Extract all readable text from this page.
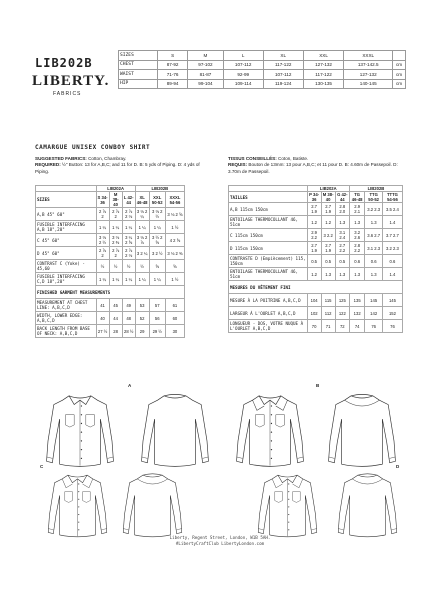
LIB202B
LIBERTY.
FABRICS
SIZES	S	M	L	XL	XXL	XXXL	
CHEST	87-92	97-102	107-112	117-122	127-132	137-142.5	cm
WAIST	71-76	81-87	92-99	107-112	117-122	127-132	cm
HIP	89-94	99-104	109-114	119-124	130-135	140-145	cm
CAMARGUE UNISEX COWBOY SHIRT
SUGGESTED FABRICS: Cotton, Chambray.
REQUIRED: ½" Button: 13 for A,B,C; and 11 for D. B: 5 yds of Piping. D: 4 yds of Piping.
TISSUS CONSEILLÉS: Coton, Batiste.
REQUIS: Bouton de 13mm: 13 pour A,B,C; et 11 pour D. B: 4.60m de Passepoil. D: 3.70m de Passepoil.
	LIB202A			LIB202B		
SIZES	S 34-36	M 38-40	L 42-44	XL 46-48	XXL 50-52	XXXL 54-56
A,B 45" 60"	2 ⅞ 2	2 ⅞ 2	2 ⅞ 2 ⅛	3 ⅛ 2 ¼	3 ⅛ 2 ½	3 ⅛ 2 ⅝
FUSIBLE INTERFACING A,B 18",20"	1 ¼	1 ¼	1 ¼	1 ¼	1 ¼	1 ½
C 45" 60"	3 ⅛ 2 ½	3 ⅛ 2 ⅜	3 ¼ 2 ⅝	3 ⅛ 2 ⅞	3 ½ 2 ⅝	4 2 ⅝
D 45" 60"	2 ⅞ 2	2 ⅞ 2	2 ⅞ 2 ⅛	3 2 ¼	3 2 ½	3 ⅛ 2 ⅜
CONTRAST C (Yoke) - 45,60	½	½	½	½	⅝	⅝
FUSIBLE INTERFACING C,D 18",20"	1 ¼	1 ¼	1 ¼	1 ¼	1 ¼	1 ½
FINISHED GARMENT MEASUREMENTS						
MEASUREMENT AT CHEST LINE: A,B,C,D	41	45	49	53	57	61
WIDTH, LOWER EDGE: A,B,C,D	40	44	48	52	56	60
BACK LENGTH FROM BASE OF NECK: A,B,C,D	27 ½	28	28 ½	29	29 ½	30
	LIB202A			LIB202B		
TAILLES	P 34-36	M 38-40	G 42-44	TG 46-48	TTG 50-52	TTTG 54-56
A,B 115cm 150cm	2.7 1.9	2.7 1.9	2.8 2.0	2.9 2.1	3.2 2.3	3.5 2.4
ENTOILAGE THERMOCOLLANT 46, 51cm	1.2	1.2	1.3	1.3	1.3	1.4
C 115cm 150cm	2.9 2.2	3 2.2	3.1 2.4	3.2 2.6	3.6 2.7	3.7 2.7
D 115cm 150cm	2.7 1.9	2.7 1.9	2.7 2.2	2.8 2.2	3.1 2.3	3.2 2.3
CONTRASTE D (Empiècement) 115, 150cm	0.5	0.5	0.5	0.6	0.6	0.6
ENTOILAGE THERMOCOLLANT 46, 51cm	1.2	1.3	1.3	1.3	1.3	1.4
MESURES DU VÊTEMENT FINI						
MESURE À LA POITRINE A,B,C,D	104	115	125	135	145	145
LARGEUR À L'OURLET A,B,C,D	102	112	122	132	142	152
LONGUEUR - DOS, VOTRE NUQUE À L'OURLET A,B,C,D	70	71	72	74	76	76
A	B
C	D
Liberty, Regent Street, London, W1B 5AH.
#LibertyCraftClub LibertyLondon.com
